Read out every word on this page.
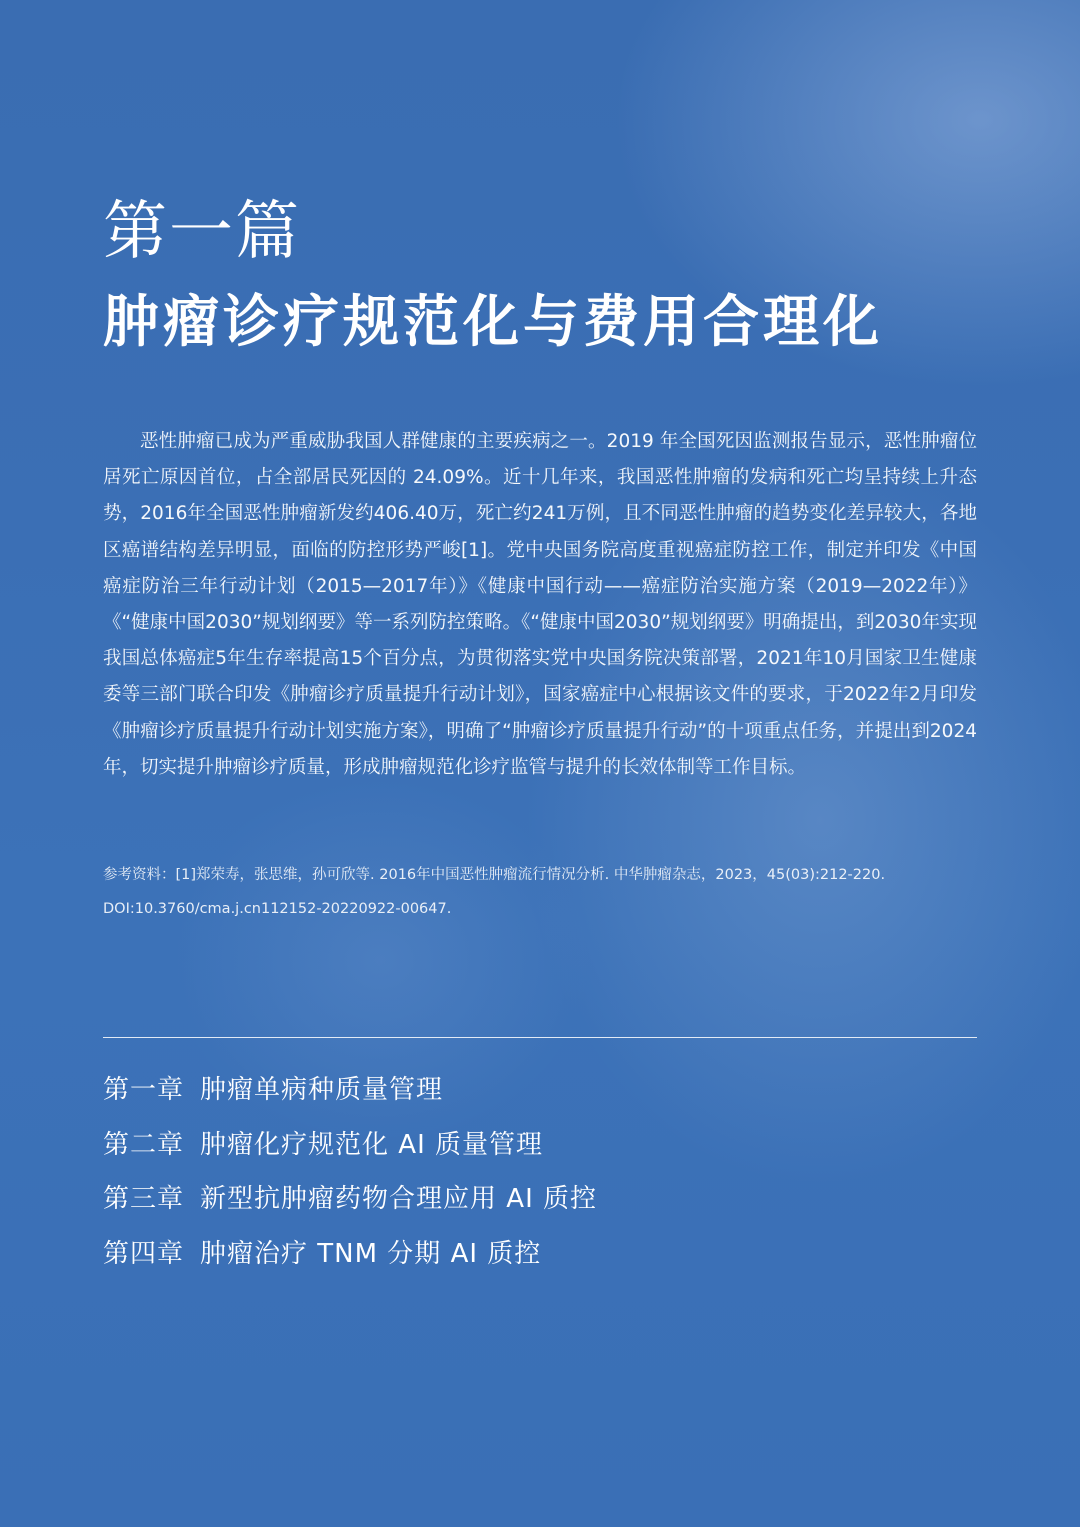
第一篇
肿瘤诊疗规范化与费用合理化

恶性肿瘤已成为严重威胁我国人群健康的主要疾病之一。2019 年全国死因监测报告显示，恶性肿瘤位居死亡原因首位，占全部居民死因的 24.09%。近十几年来，我国恶性肿瘤的发病和死亡均呈持续上升态势，2016年全国恶性肿瘤新发约406.40万，死亡约241万例，且不同恶性肿瘤的趋势变化差异较大，各地区癌谱结构差异明显，面临的防控形势严峻[1]。党中央国务院高度重视癌症防控工作，制定并印发《中国癌症防治三年行动计划（2015—2017年）》《健康中国行动——癌症防治实施方案（2019—2022年）》《“健康中国2030”规划纲要》等一系列防控策略。《“健康中国2030”规划纲要》明确提出，到2030年实现我国总体癌症5年生存率提高15个百分点，为贯彻落实党中央国务院决策部署，2021年10月国家卫生健康委等三部门联合印发《肿瘤诊疗质量提升行动计划》，国家癌症中心根据该文件的要求，于2022年2月印发《肿瘤诊疗质量提升行动计划实施方案》，明确了“肿瘤诊疗质量提升行动”的十项重点任务，并提出到2024年，切实提升肿瘤诊疗质量，形成肿瘤规范化诊疗监管与提升的长效体制等工作目标。

参考资料：[1]郑荣寿，张思维，孙可欣等. 2016年中国恶性肿瘤流行情况分析. 中华肿瘤杂志，2023，45(03):212-220.
DOI:10.3760/cma.j.cn112152-20220922-00647.
第一章 肿瘤单病种质量管理
第二章 肿瘤化疗规范化 AI 质量管理
第三章 新型抗肿瘤药物合理应用 AI 质控
第四章 肿瘤治疗 TNM 分期 AI 质控
